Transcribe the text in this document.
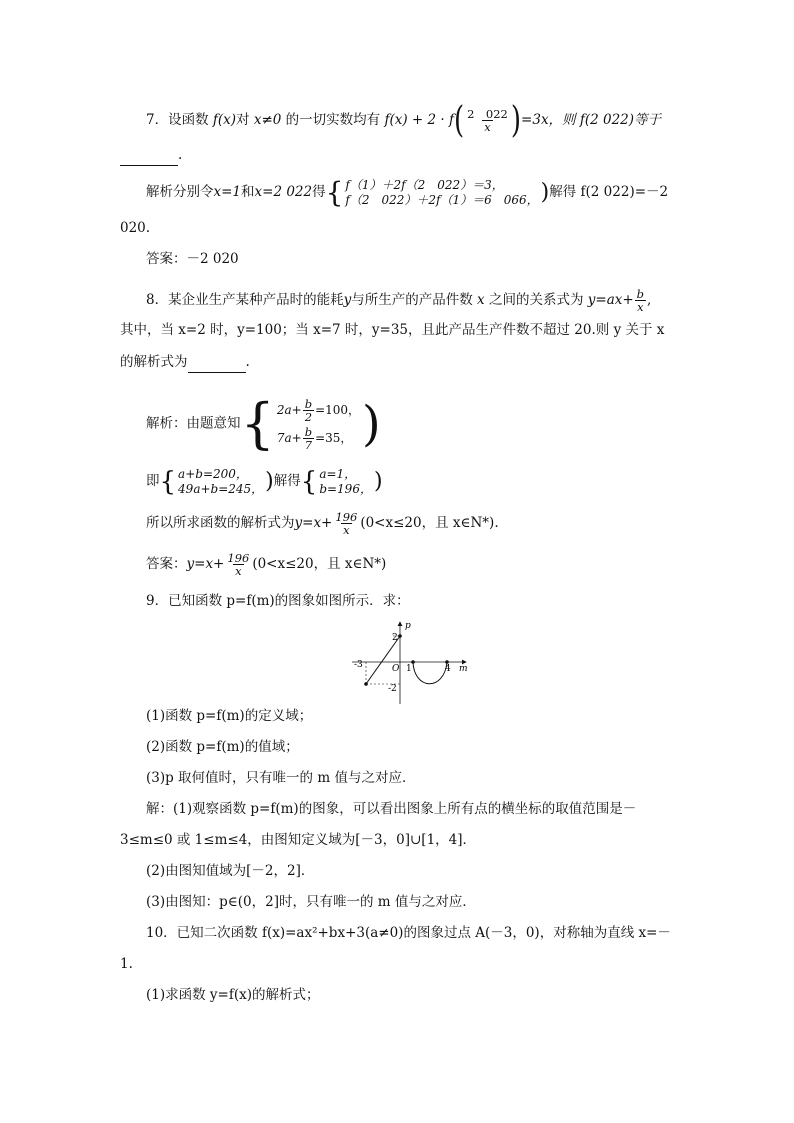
7．设函数 f(x)对 x≠0 的一切实数均有 $f(x) + 2 \cdot f( \frac{2 022}{x} )=3x$，则 f(2 022)等于
.
解析分别令x=1和x=2 022得{ f（1）＋2f（2　022）＝3，
f（2　022）＋2f（1）＝6　066， )解得 f(2 022)=－2
020.
答案：－2 020
8．某企业生产某种产品时的能耗y与所生产的产品件数 x 之间的关系式为 $y=ax+ \frac{b}{x}$ ,
其中，当 x=2 时，y=100；当 x=7 时，y=35，且此产品生产件数不超过 20.则 y 关于 x
的解析式为	.
解析：由题意知{ $2a+ \frac{b}{2} =100$，
$7a+ \frac{b}{7} =35$， )
即{ a+b=200，
49a+b=245， )解得{ a=1，
b=196， )
所以所求函数的解析式为$y=x+ \frac{196}{x} (0<x\le 20$，且 x∈N*).
答案：$y=x+ \frac{196}{x} (0<x\le 20$，且 x∈N*)
9．已知函数 p=f(m)的图象如图所示．求：
p
m
O
-3	1	4
2
-2
(1)函数 p=f(m)的定义域；
(2)函数 p=f(m)的值域；
(3)p 取何值时，只有唯一的 m 值与之对应．
解：(1)观察函数 p=f(m)的图象，可以看出图象上所有点的横坐标的取值范围是－
3≤m≤0 或 1≤m≤4，由图知定义域为[－3，0]∪[1，4]．
(2)由图知值域为[－2，2]．
(3)由图知：p∈(0，2]时，只有唯一的 m 值与之对应．
10．已知二次函数 f(x)=ax²+bx+3(a≠0)的图象过点 A(－3，0)，对称轴为直线 x=－
1.
(1)求函数 y=f(x)的解析式；
